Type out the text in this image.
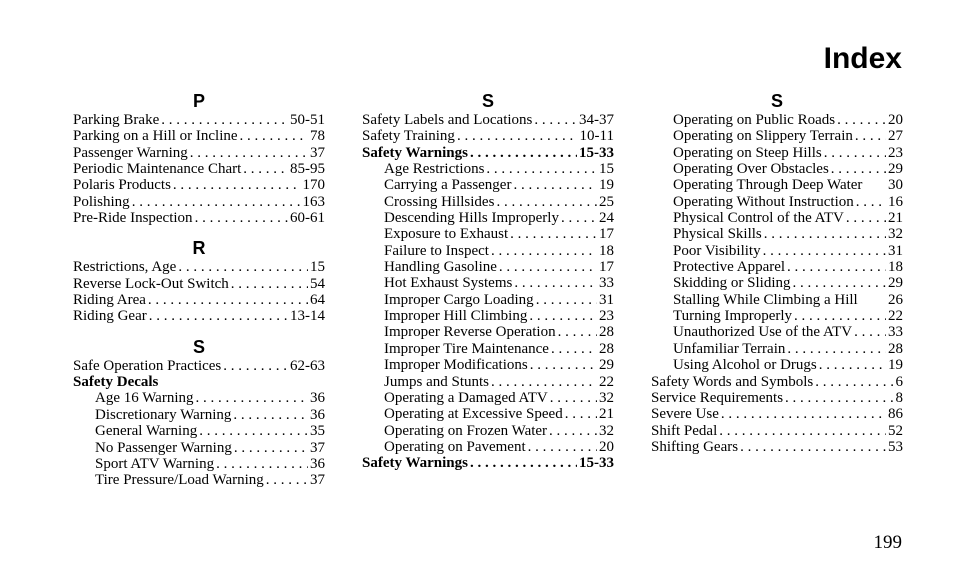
Index
P
Parking Brake . . .	50-51
Parking on a Hill or Incline . . .	78
Passenger Warning . . .	37
Periodic Maintenance Chart . . .	85-95
Polaris Products . . .	170
Polishing . . .	163
Pre-Ride Inspection . . .	60-61
R
Restrictions, Age . . .	15
Reverse Lock-Out Switch . . .	54
Riding Area . . .	64
Riding Gear . . .	13-14
S
Safe Operation Practices . . .	62-63
Safety Decals
Age 16 Warning . . .	36
Discretionary Warning . . .	36
General Warning . . .	35
No Passenger Warning . . .	37
Sport ATV Warning . . .	36
Tire Pressure/Load Warning . . .	37
S
Safety Labels and Locations . . .	34-37
Safety Training . . .	10-11
Safety Warnings . . .	15-33
Age Restrictions . . .	15
Carrying a Passenger . . .	19
Crossing Hillsides . . .	25
Descending Hills Improperly . . .	24
Exposure to Exhaust . . .	17
Failure to Inspect . . .	18
Handling Gasoline . . .	17
Hot Exhaust Systems . . .	33
Improper Cargo Loading . . .	31
Improper Hill Climbing . . .	23
Improper Reverse Operation . . .	28
Improper Tire Maintenance . . .	28
Improper Modifications . . .	29
Jumps and Stunts . . .	22
Operating a Damaged ATV . . .	32
Operating at Excessive Speed . . . 21
Operating on Frozen Water . . .	32
Operating on Pavement . . .	20
Safety Warnings . . .	15-33
S
Operating on Public Roads . . .	20
Operating on Slippery Terrain . . . 27
Operating on Steep Hills . . .	23
Operating Over Obstacles . . .	29
Operating Through Deep Water 30
Operating Without Instruction . . . 16
Physical Control of the ATV . . .	21
Physical Skills . . .	32
Poor Visibility . . .	31
Protective Apparel . . .	18
Skidding or Sliding . . .	29
Stalling While Climbing a Hill 26
Turning Improperly . . .	22
Unauthorized Use of the ATV . . . 33
Unfamiliar Terrain . . .	28
Using Alcohol or Drugs . . .	19
Safety Words and Symbols . . .	6
Service Requirements . . .	8
Severe Use . . .	86
Shift Pedal . . .	52
Shifting Gears . . .	53
199
